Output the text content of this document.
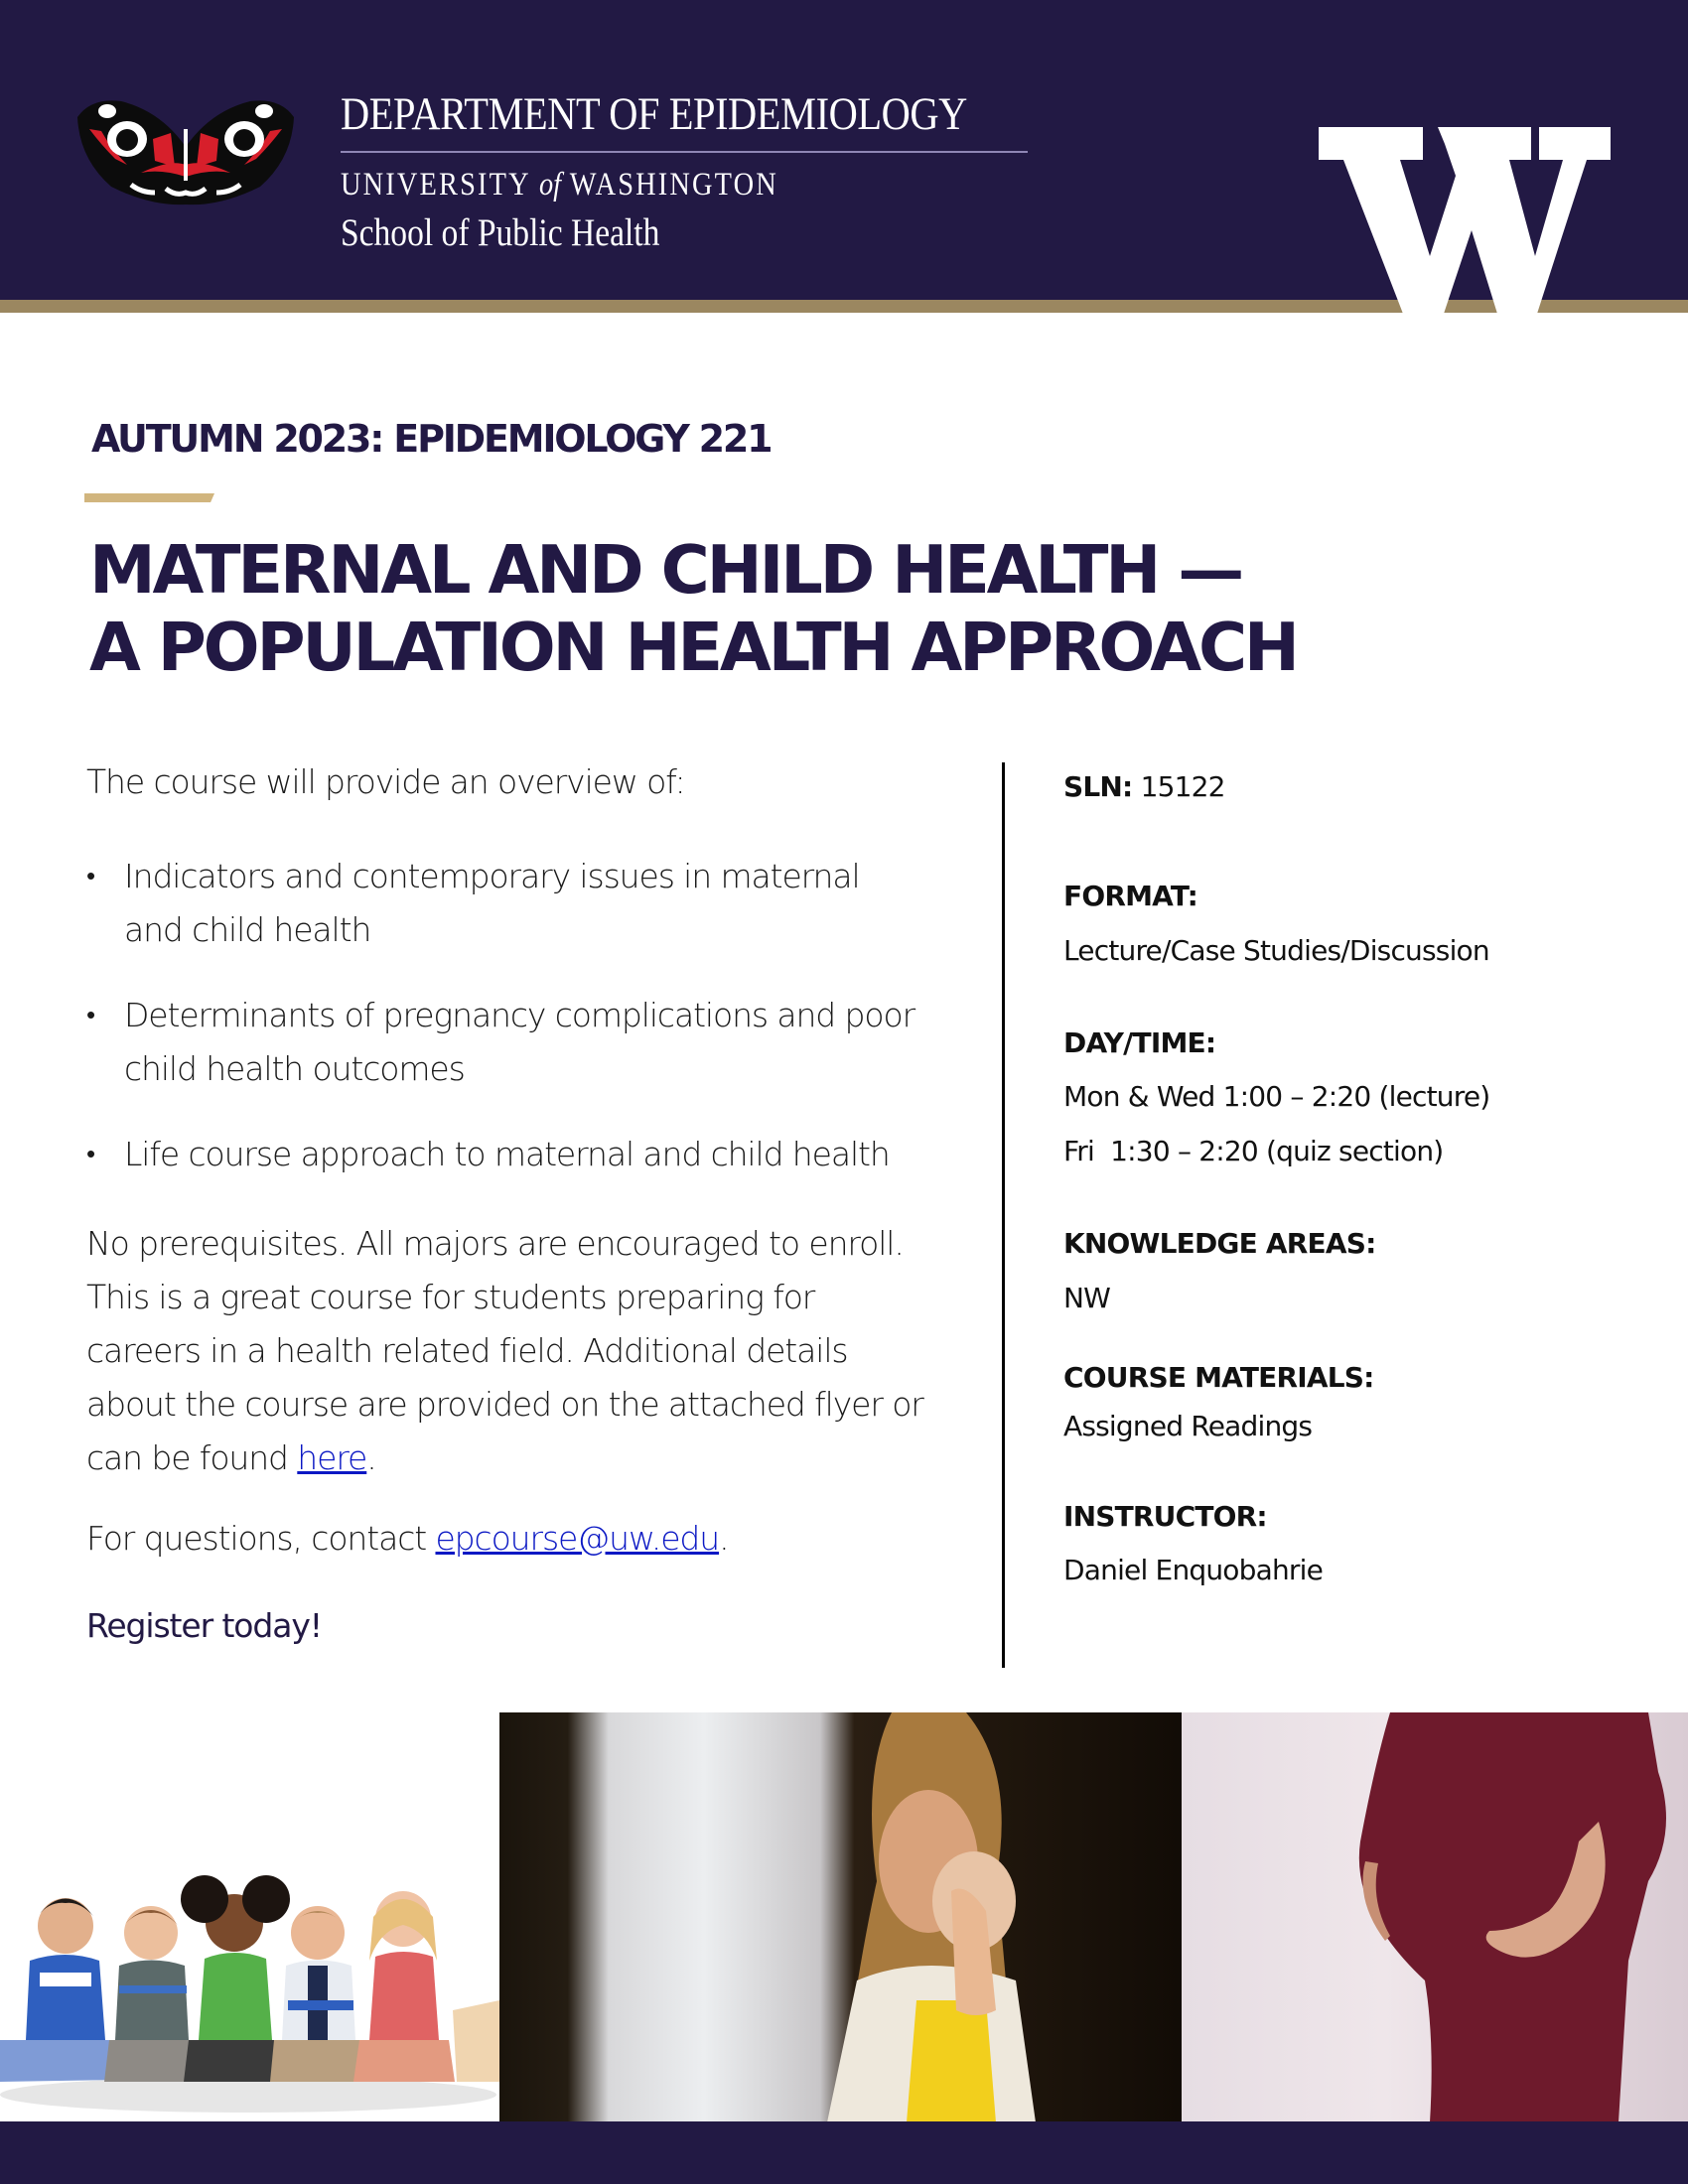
DEPARTMENT OF EPIDEMIOLOGY
UNIVERSITY of WASHINGTON
School of Public Health
AUTUMN 2023: EPIDEMIOLOGY 221
MATERNAL AND CHILD HEALTH —
A POPULATION HEALTH APPROACH
The course will provide an overview of:
• Indicators and contemporary issues in maternal
and child health
• Determinants of pregnancy complications and poor
child health outcomes
• Life course approach to maternal and child health
No prerequisites. All majors are encouraged to enroll.
This is a great course for students preparing for
careers in a health related field. Additional details
about the course are provided on the attached flyer or
can be found here.
For questions, contact epcourse@uw.edu.
Register today!
SLN: 15122
FORMAT:
Lecture/Case Studies/Discussion
DAY/TIME:
Mon & Wed 1:00 – 2:20 (lecture)
Fri  1:30 – 2:20 (quiz section)
KNOWLEDGE AREAS:
NW
COURSE MATERIALS:
Assigned Readings
INSTRUCTOR:
Daniel Enquobahrie
